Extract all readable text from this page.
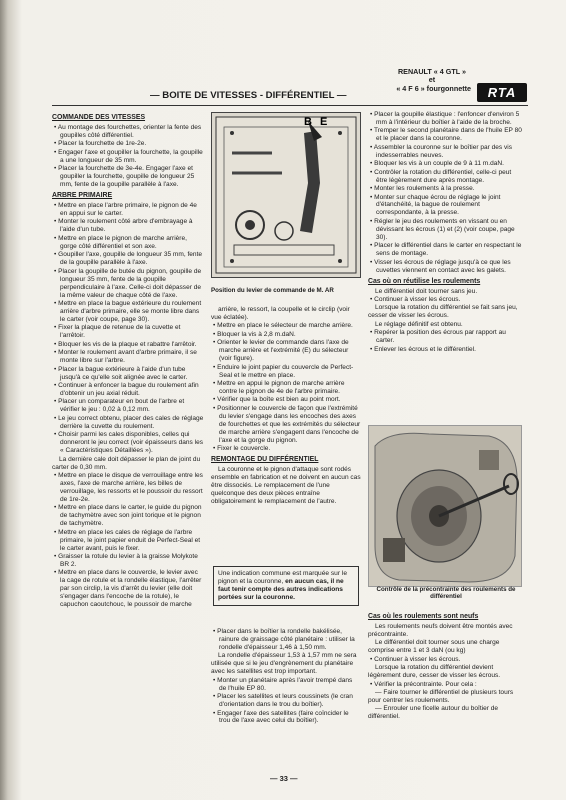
RENAULT « 4 GTL »
et
« 4 F 6 » fourgonnette	RTA
— BOITE DE VITESSES - DIFFÉRENTIEL —
COMMANDE DES VITESSES

• Au montage des fourchettes, orienter la fente des goupilles côté différentiel.

• Placer la fourchette de 1re-2e.

• Engager l'axe et goupiller la fourchette, la goupille a une longueur de 35 mm.

• Placer la fourchette de 3e-4e. Engager l'axe et goupiller la fourchette, goupille de longueur 25 mm, fente de la goupille parallèle à l'axe.

ARBRE PRIMAIRE

• Mettre en place l'arbre primaire, le pignon de 4e en appui sur le carter.

• Monter le roulement côté arbre d'embrayage à l'aide d'un tube.

• Mettre en place le pignon de marche arrière, gorge côté différentiel et son axe.

• Goupiller l'axe, goupille de longueur 35 mm, fente de la goupille parallèle à l'axe.

• Placer la goupille de butée du pignon, goupille de longueur 35 mm, fente de la goupille perpendiculaire à l'axe. Celle-ci doit dépasser de la même valeur de chaque côté de l'axe.

• Mettre en place la bague extérieure du roulement arrière d'arbre primaire, elle se monte libre dans le carter (voir coupe, page 30).

• Fixer la plaque de retenue de la cuvette et l'arrêtoir.

• Bloquer les vis de la plaque et rabattre l'arrêtoir.

• Monter le roulement avant d'arbre primaire, il se monte libre sur l'arbre.

• Placer la bague extérieure à l'aide d'un tube jusqu'à ce qu'elle soit alignée avec le carter.

• Continuer à enfoncer la bague du roulement afin d'obtenir un jeu axial réduit.

• Placer un comparateur en bout de l'arbre et vérifier le jeu : 0,02 à 0,12 mm.

• Le jeu correct obtenu, placer des cales de réglage derrière la cuvette du roulement.

• Choisir parmi les cales disponibles, celles qui donneront le jeu correct (voir épaisseurs dans les « Caractéristiques Détaillées »).

La dernière cale doit dépasser le plan de joint du carter de 0,30 mm.

• Mettre en place le disque de verrouillage entre les axes, l'axe de marche arrière, les billes de verrouillage, les ressorts et le poussoir du ressort de 1re-2e.

• Mettre en place dans le carter, le guide du pignon de tachymètre avec son joint torique et le pignon de tachymètre.

• Mettre en place les cales de réglage de l'arbre primaire, le joint papier enduit de Perfect-Seal et le carter avant, puis le fixer.

• Graisser la rotule du levier à la graisse Molykote BR 2.

• Mettre en place dans le couvercle, le levier avec la cage de rotule et la rondelle élastique, l'arrêter par son circlip, la vis d'arrêt du levier (elle doit s'engager dans l'encoche de la rotule), le capuchon caoutchouc, le poussoir de marche

B E
Position du levier de commande de M. AR

arrière, le ressort, la coupelle et le circlip (voir vue éclatée).

• Mettre en place le sélecteur de marche arrière.

• Bloquer la vis à 2,8 m.daN.

• Orienter le levier de commande dans l'axe de marche arrière et l'extrémité (E) du sélecteur (voir figure).

• Enduire le joint papier du couvercle de Perfect-Seal et le mettre en place.

• Mettre en appui le pignon de marche arrière contre le pignon de 4e de l'arbre primaire.

• Vérifier que la boîte est bien au point mort.

• Positionner le couvercle de façon que l'extrémité du levier s'engage dans les encoches des axes de fourchettes et que les extrémités du sélecteur de marche arrière s'engagent dans l'encoche de l'axe et la gorge du pignon.

• Fixer le couvercle.

REMONTAGE DU DIFFÉRENTIEL

La couronne et le pignon d'attaque sont rodés ensemble en fabrication et ne doivent en aucun cas être dissociés. Le remplacement de l'une quelconque des deux pièces entraîne obligatoirement le remplacement de l'autre.

Une indication commune est marquée sur le pignon et la couronne, en aucun cas, il ne faut tenir compte des autres indications portées sur la couronne.

• Placer dans le boîtier la rondelle bakélisée, rainure de graissage côté planétaire : utiliser la rondelle d'épaisseur 1,46 à 1,50 mm.

La rondelle d'épaisseur 1,53 à 1,57 mm ne sera utilisée que si le jeu d'engrènement du planétaire avec les satellites est trop important.

• Monter un planétaire après l'avoir trempé dans de l'huile EP 80.

• Placer les satellites et leurs coussinets (le cran d'orientation dans le trou du boîtier).

• Engager l'axe des satellites (faire coïncider le trou de l'axe avec celui du boîtier).

• Placer la goupille élastique : l'enfoncer d'environ 5 mm à l'intérieur du boîtier à l'aide de la broche.

• Tremper le second planétaire dans de l'huile EP 80 et le placer dans la couronne.

• Assembler la couronne sur le boîtier par des vis indesserrables neuves.

• Bloquer les vis à un couple de 9 à 11 m.daN.

• Contrôler la rotation du différentiel, celle-ci peut être légèrement dure après montage.

• Monter les roulements à la presse.

• Monter sur chaque écrou de réglage le joint d'étanchéité, la bague de roulement correspondante, à la presse.

• Régler le jeu des roulements en vissant ou en dévissant les écrous (1) et (2) (voir coupe, page 30).

• Placer le différentiel dans le carter en respectant le sens de montage.

• Visser les écrous de réglage jusqu'à ce que les cuvettes viennent en contact avec les galets.

Cas où on réutilise les roulements

Le différentiel doit tourner sans jeu.

• Continuer à visser les écrous.

Lorsque la rotation du différentiel se fait sans jeu, cesser de visser les écrous.

Le réglage définitif est obtenu.

• Repérer la position des écrous par rapport au carter.

• Enlever les écrous et le différentiel.

Contrôle de la précontrainte des roulements de différentiel
Cas où les roulements sont neufs

Les roulements neufs doivent être montés avec précontrainte.

Le différentiel doit tourner sous une charge comprise entre 1 et 3 daN (ou kg)

• Continuer à visser les écrous.

Lorsque la rotation du différentiel devient légèrement dure, cesser de visser les écrous.

• Vérifier la précontrainte. Pour cela :

— Faire tourner le différentiel de plusieurs tours pour centrer les roulements.

— Enrouler une ficelle autour du boîtier de différentiel.

— 33 —
